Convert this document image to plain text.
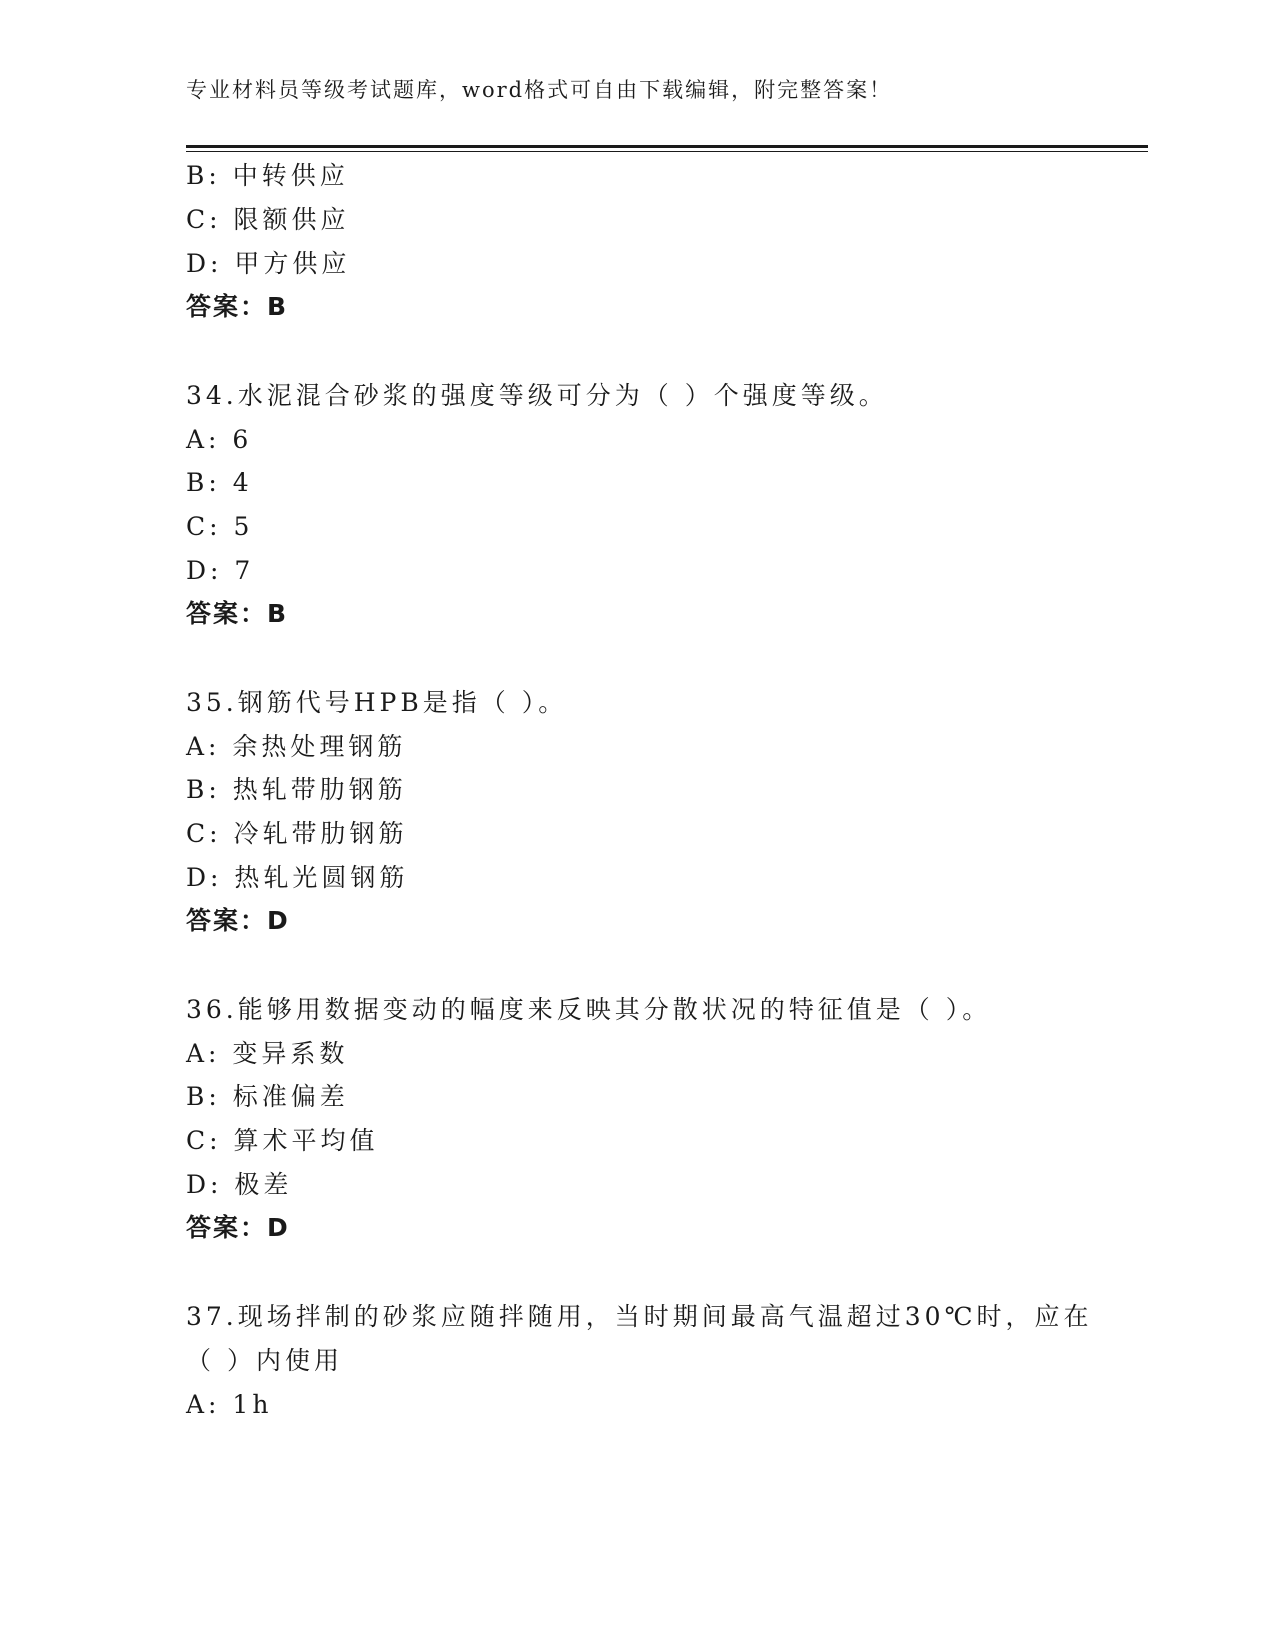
专业材料员等级考试题库，word格式可自由下载编辑，附完整答案！
B: 中转供应
C: 限额供应
D: 甲方供应
答案：B
34.水泥混合砂浆的强度等级可分为（ ）个强度等级。
A: 6
B: 4
C: 5
D: 7
答案：B
35.钢筋代号HPB是指（ ）。
A: 余热处理钢筋
B: 热轧带肋钢筋
C: 冷轧带肋钢筋
D: 热轧光圆钢筋
答案：D
36.能够用数据变动的幅度来反映其分散状况的特征值是（ ）。
A: 变异系数
B: 标准偏差
C: 算术平均值
D: 极差
答案：D
37.现场拌制的砂浆应随拌随用，当时期间最高气温超过30℃时，应在
（ ）内使用
A: 1h
